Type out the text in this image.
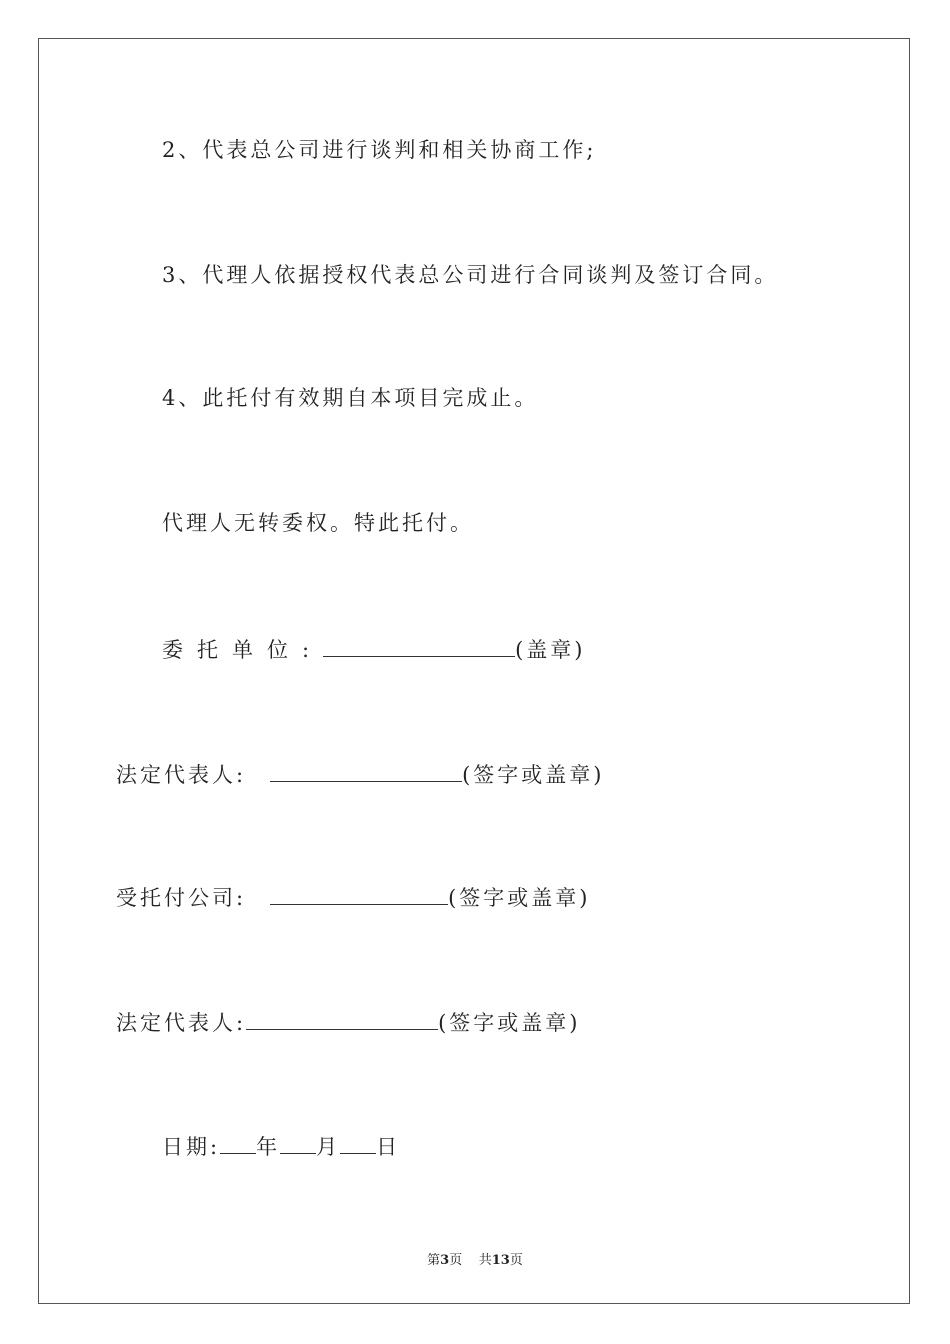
2、代表总公司进行谈判和相关协商工作;
3、代理人依据授权代表总公司进行合同谈判及签订合同。
4、此托付有效期自本项目完成止。
代理人无转委权。特此托付。
委托单位:	(盖章)
法定代表人:	(签字或盖章)
受托付公司:	(签字或盖章)
法定代表人:	(签字或盖章)
日期: 年 月 日
第3页 共13页
